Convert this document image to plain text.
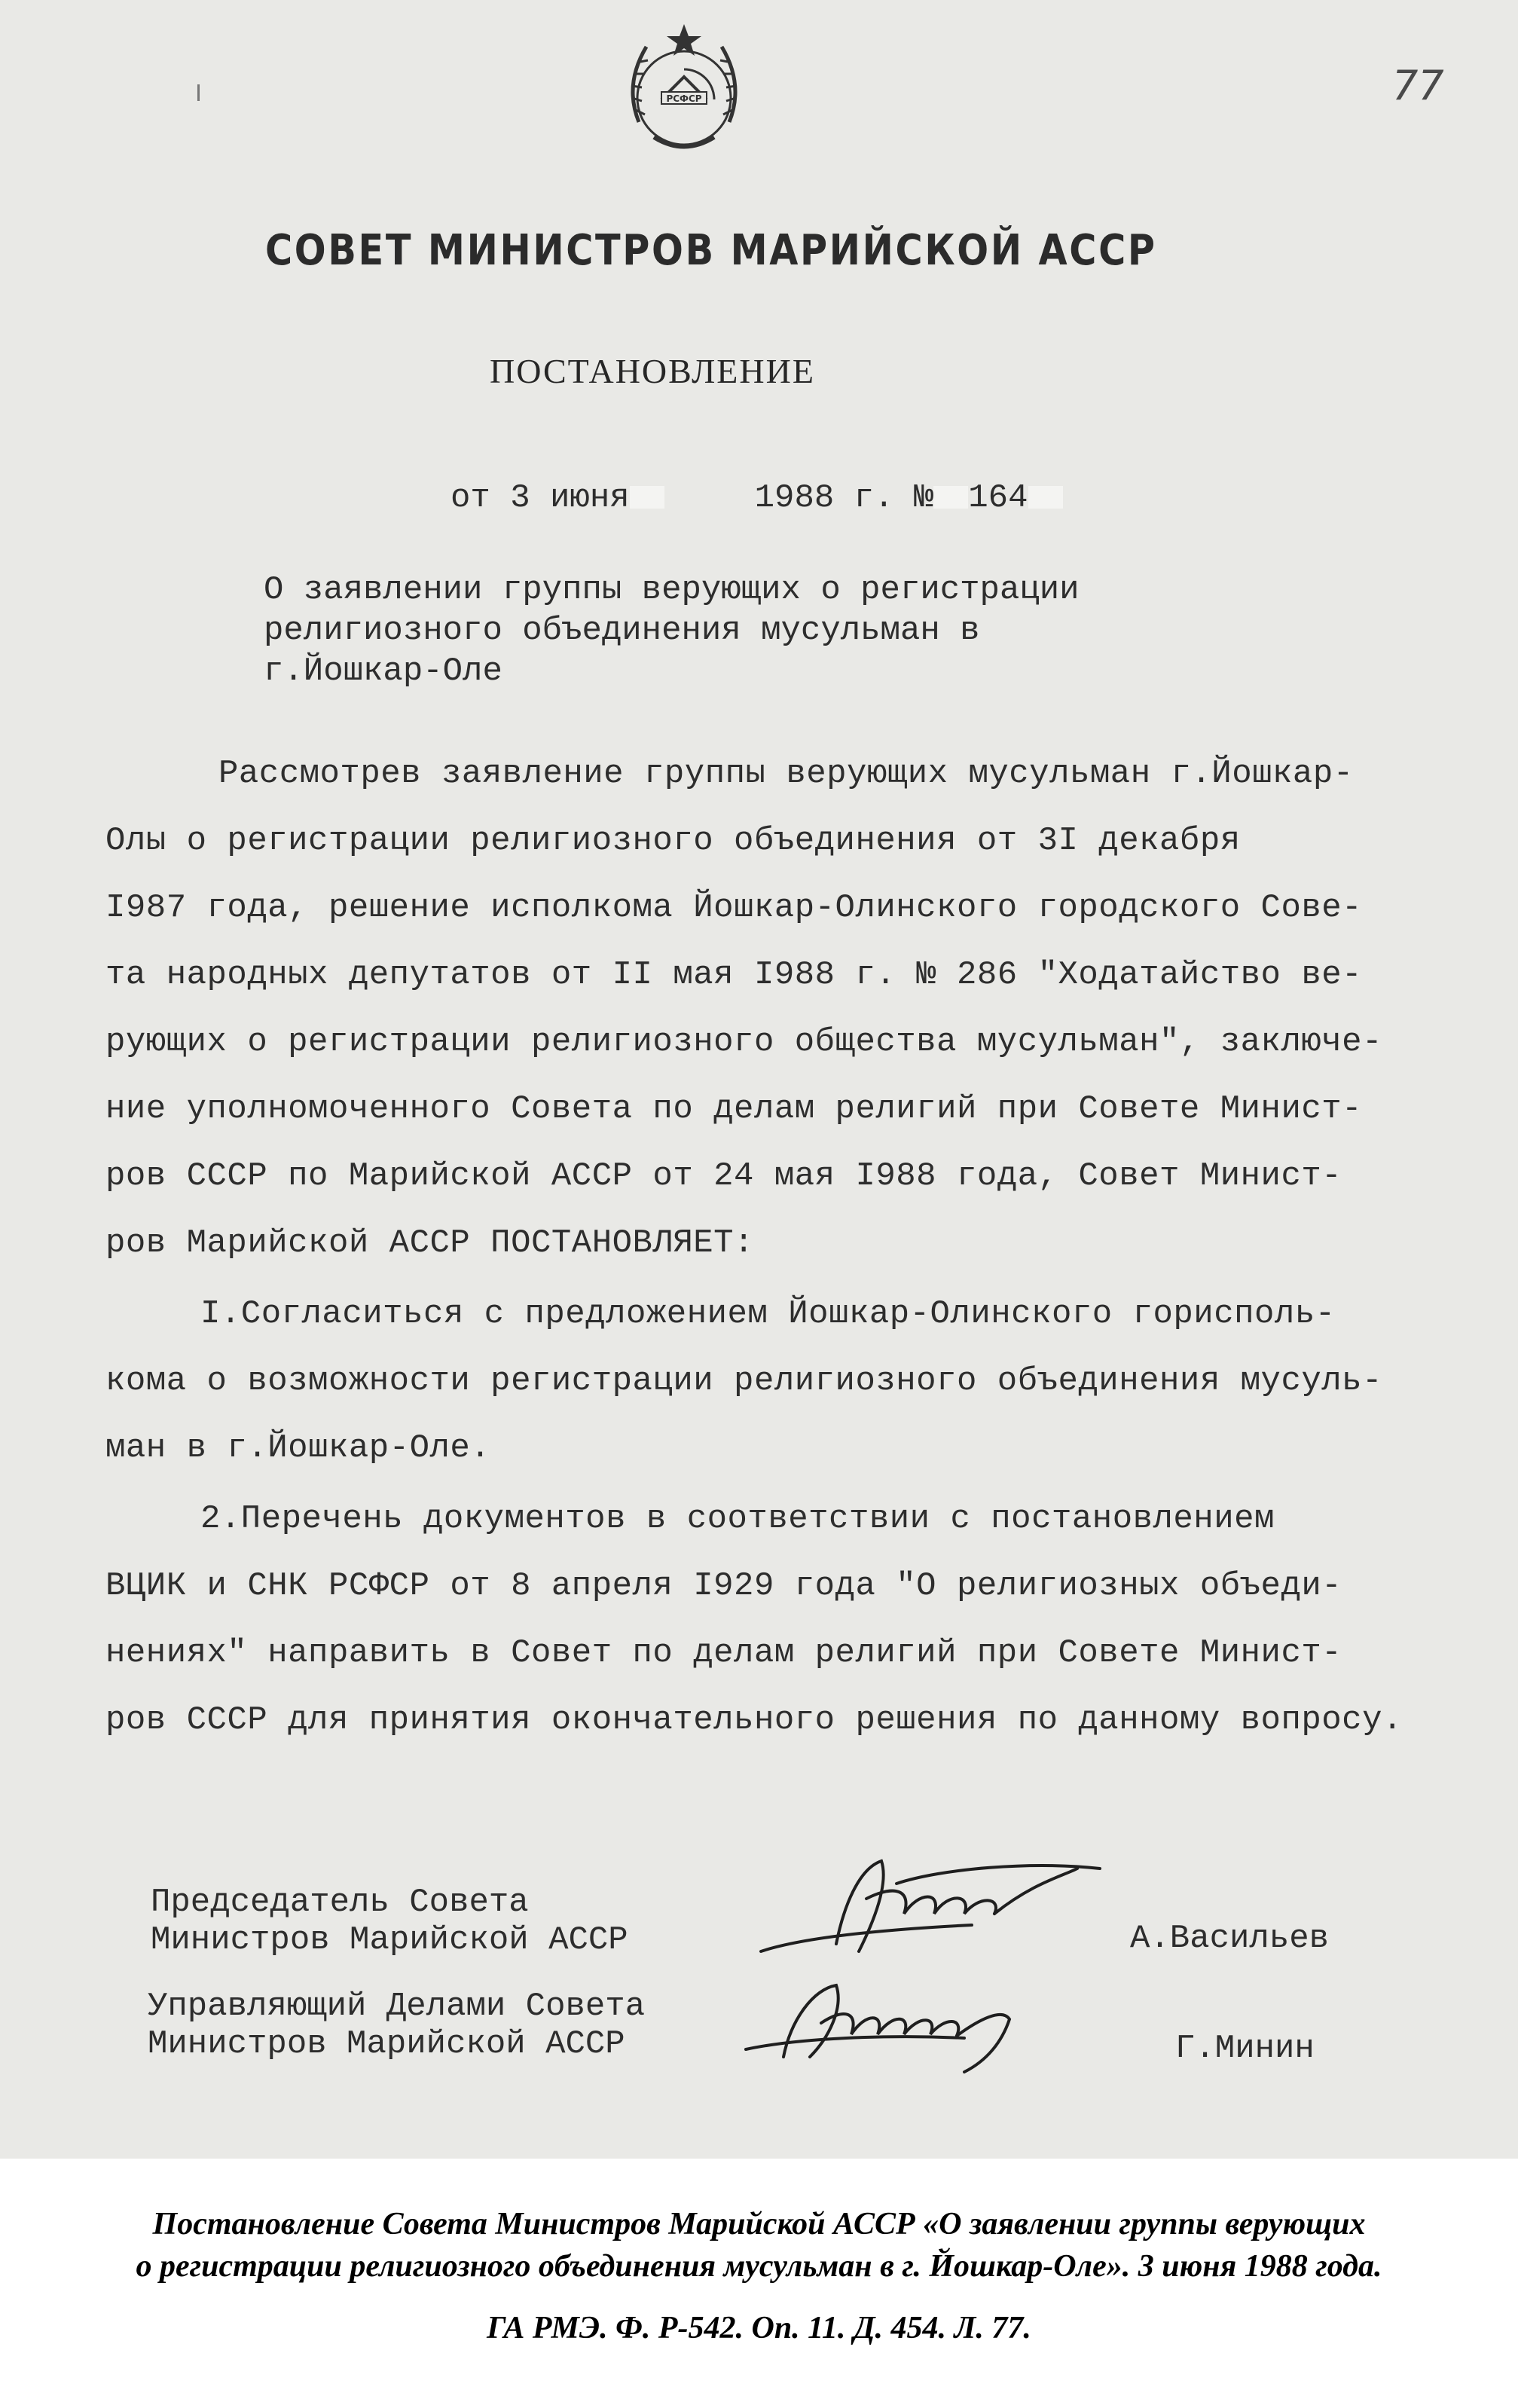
77
РСФСР
СОВЕТ МИНИСТРОВ МАРИЙСКОЙ АССР
ПОСТАНОВЛЕНИЕ
от 3 июня	1988 г. № 164
О заявлении группы верующих о регистрации
религиозного объединения мусульман в
г.Йошкар-Оле
Рассмотрев заявление группы верующих мусульман г.Йошкар-
Олы о регистрации религиозного объединения от 3I декабря
I987 года, решение исполкома Йошкар-Олинского городского Сове-
та народных депутатов от II мая I988 г. № 286 "Ходатайство ве-
рующих о регистрации религиозного общества мусульман", заключе-
ние уполномоченного Совета по делам религий при Совете Минист-
ров СССР по Марийской АССР от 24 мая I988 года, Совет Минист-
ров Марийской АССР ПОСТАНОВЛЯЕТ:
I.Согласиться с предложением Йошкар-Олинского горисполь-
кома о возможности регистрации религиозного объединения мусуль-
ман в г.Йошкар-Оле.
2.Перечень документов в соответствии с постановлением
ВЦИК и СНК РСФСР от 8 апреля I929 года "О религиозных объеди-
нениях" направить в Совет по делам религий при Совете Минист-
ров СССР для принятия окончательного решения по данному вопросу.
Председатель Совета
Министров Марийской АССР	А.Васильев
Управляющий Делами Совета
Министров Марийской АССР	Г.Минин
Постановление Совета Министров Марийской АССР «О заявлении группы верующих
о регистрации религиозного объединения мусульман в г. Йошкар-Оле». 3 июня 1988 года.
ГА РМЭ. Ф. Р-542. Оп. 11. Д. 454. Л. 77.
